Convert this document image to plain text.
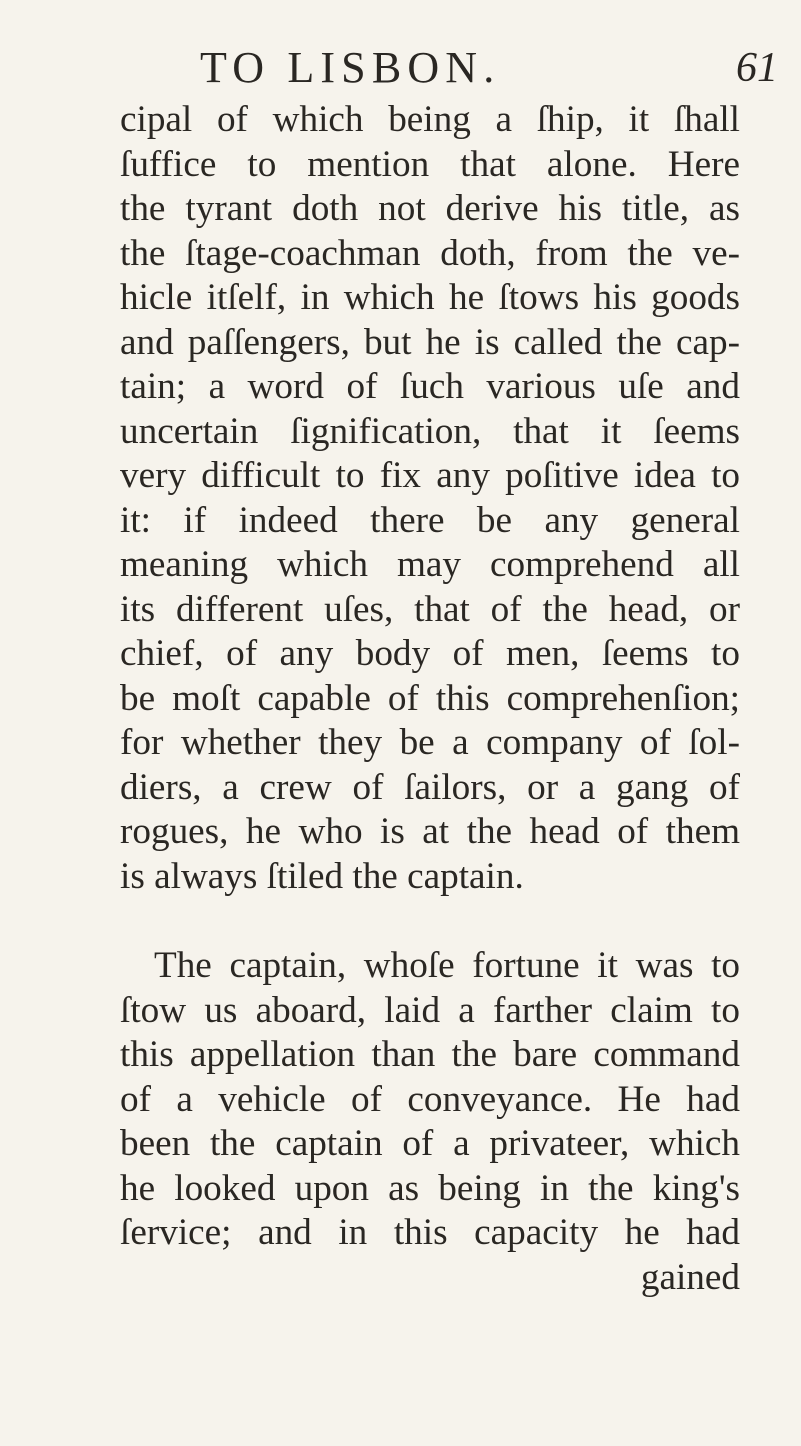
TO LISBON.	61
cipal of which being a ſhip, it ſhall
ſuffice to mention that alone. Here
the tyrant doth not derive his title, as
the ſtage-coachman doth, from the ve-
hicle itſelf, in which he ſtows his goods
and paſſengers, but he is called the cap-
tain; a word of ſuch various uſe and
uncertain ſignification, that it ſeems
very difficult to fix any poſitive idea to
it: if indeed there be any general
meaning which may comprehend all
its different uſes, that of the head, or
chief, of any body of men, ſeems to
be moſt capable of this comprehenſion;
for whether they be a company of ſol-
diers, a crew of ſailors, or a gang of
rogues, he who is at the head of them
is always ſtiled the captain.
The captain, whoſe fortune it was to
ſtow us aboard, laid a farther claim to
this appellation than the bare command
of a vehicle of conveyance. He had
been the captain of a privateer, which
he looked upon as being in the king's
ſervice; and in this capacity he had
gained
